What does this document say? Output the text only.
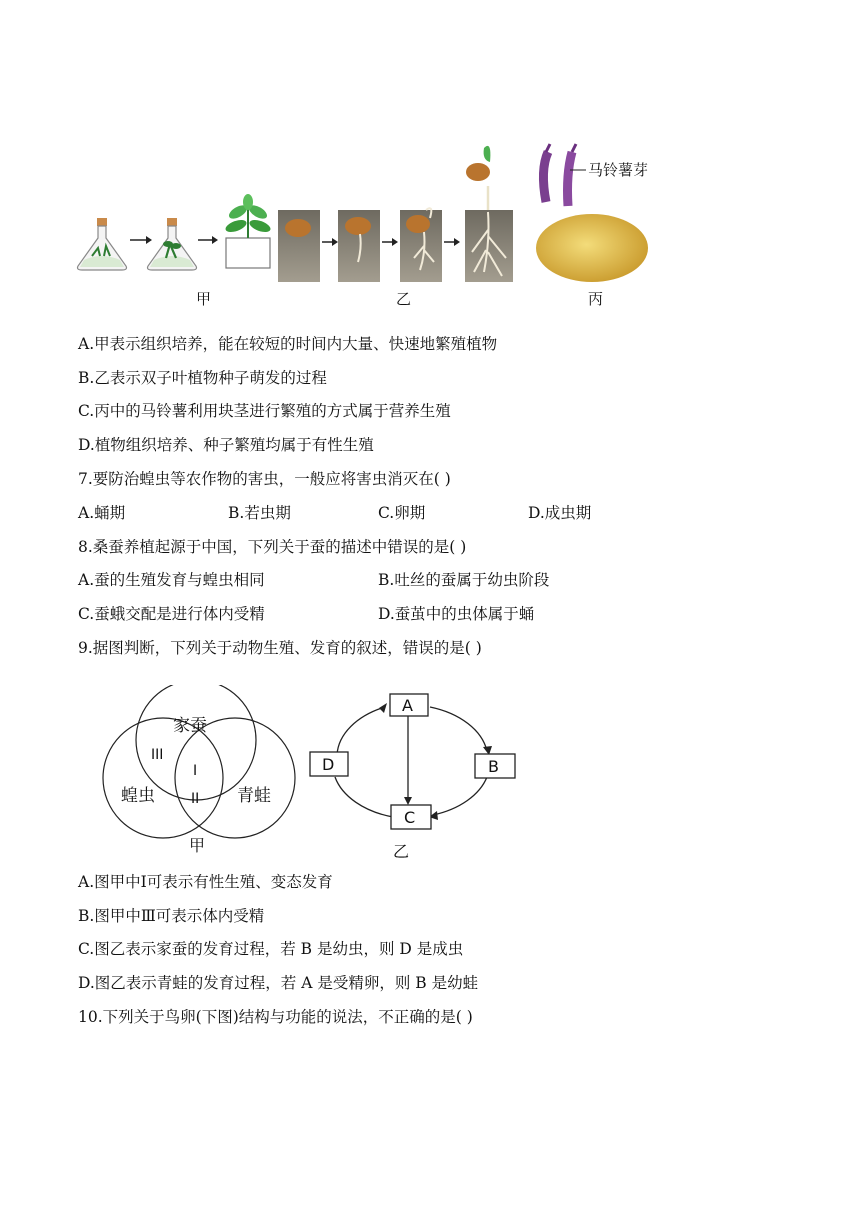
马铃薯芽
甲	乙	丙
A.甲表示组织培养，能在较短的时间内大量、快速地繁殖植物
B.乙表示双子叶植物种子萌发的过程
C.丙中的马铃薯利用块茎进行繁殖的方式属于营养生殖
D.植物组织培养、种子繁殖均属于有性生殖
7.要防治蝗虫等农作物的害虫，一般应将害虫消灭在( )
A.蛹期	B.若虫期	C.卵期	D.成虫期
8.桑蚕养植起源于中国，下列关于蚕的描述中错误的是( )
A.蚕的生殖发育与蝗虫相同	B.吐丝的蚕属于幼虫阶段
C.蚕蛾交配是进行体内受精	D.蚕茧中的虫体属于蛹
9.据图判断，下列关于动物生殖、发育的叙述，错误的是( )
家蚕
蝗虫	青蛙
III
I
II
甲
A
B
C
D
乙
A.图甲中Ⅰ可表示有性生殖、变态发育
B.图甲中Ⅲ可表示体内受精
C.图乙表示家蚕的发育过程，若 B 是幼虫，则 D 是成虫
D.图乙表示青蛙的发育过程，若 A 是受精卵，则 B 是幼蛙
10.下列关于鸟卵(下图)结构与功能的说法，不正确的是( )
